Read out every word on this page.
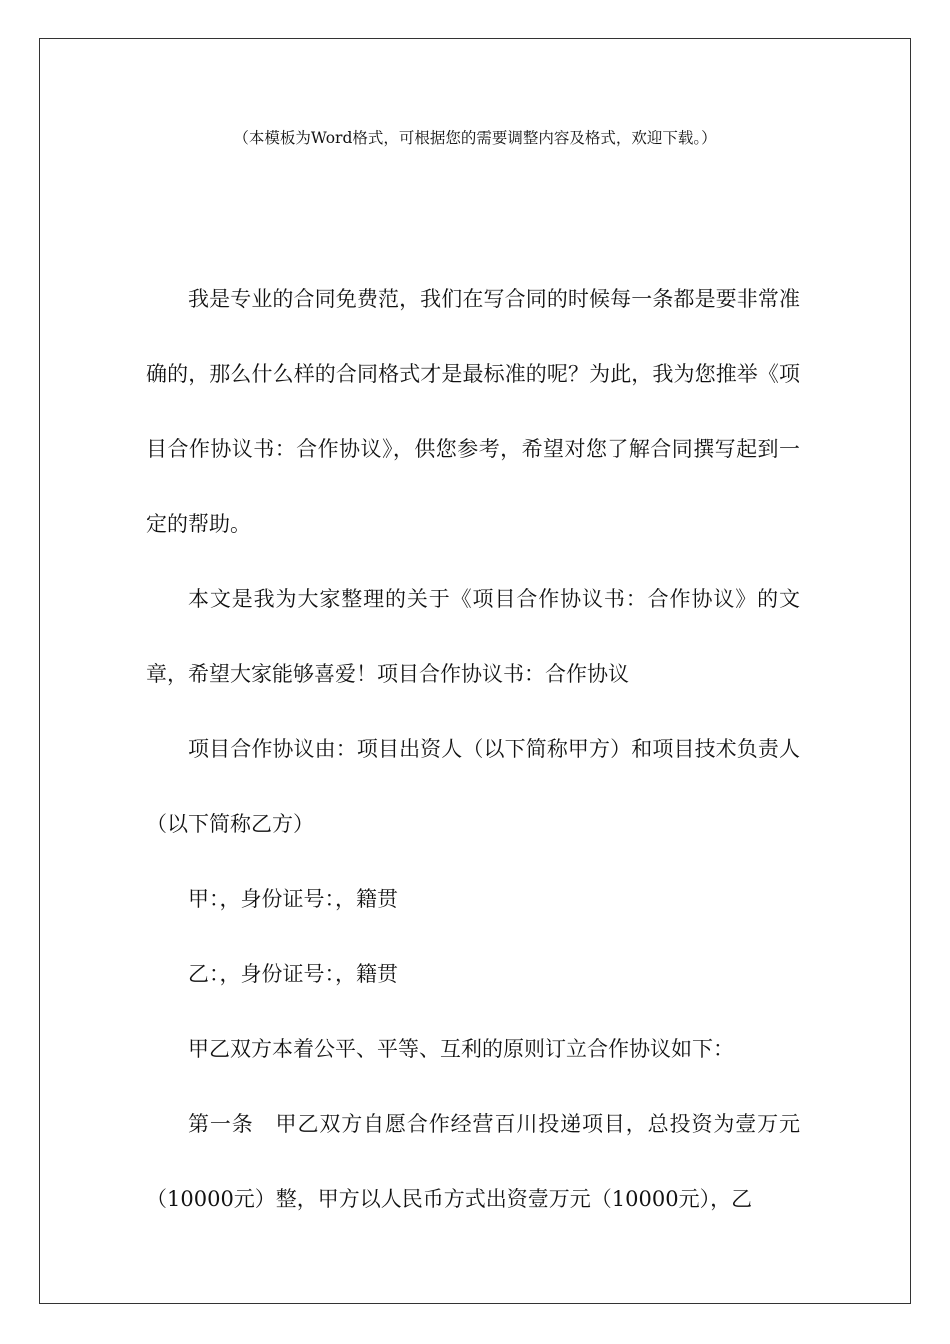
（本模板为Word格式，可根据您的需要调整内容及格式，欢迎下载。）

我是专业的合同免费范，我们在写合同的时候每一条都是要非常准确的，那么什么样的合同格式才是最标准的呢？为此，我为您推举《项目合作协议书：合作协议》，供您参考，希望对您了解合同撰写起到一定的帮助。

本文是我为大家整理的关于《项目合作协议书：合作协议》的文章，希望大家能够喜爱！项目合作协议书：合作协议

项目合作协议由：项目出资人（以下简称甲方）和项目技术负责人（以下简称乙方）

甲：，身份证号：，籍贯

乙：，身份证号：，籍贯

甲乙双方本着公平、平等、互利的原则订立合作协议如下：

第一条　甲乙双方自愿合作经营百川投递项目，总投资为壹万元（10000元）整，甲方以人民币方式出资壹万元（10000元），乙
